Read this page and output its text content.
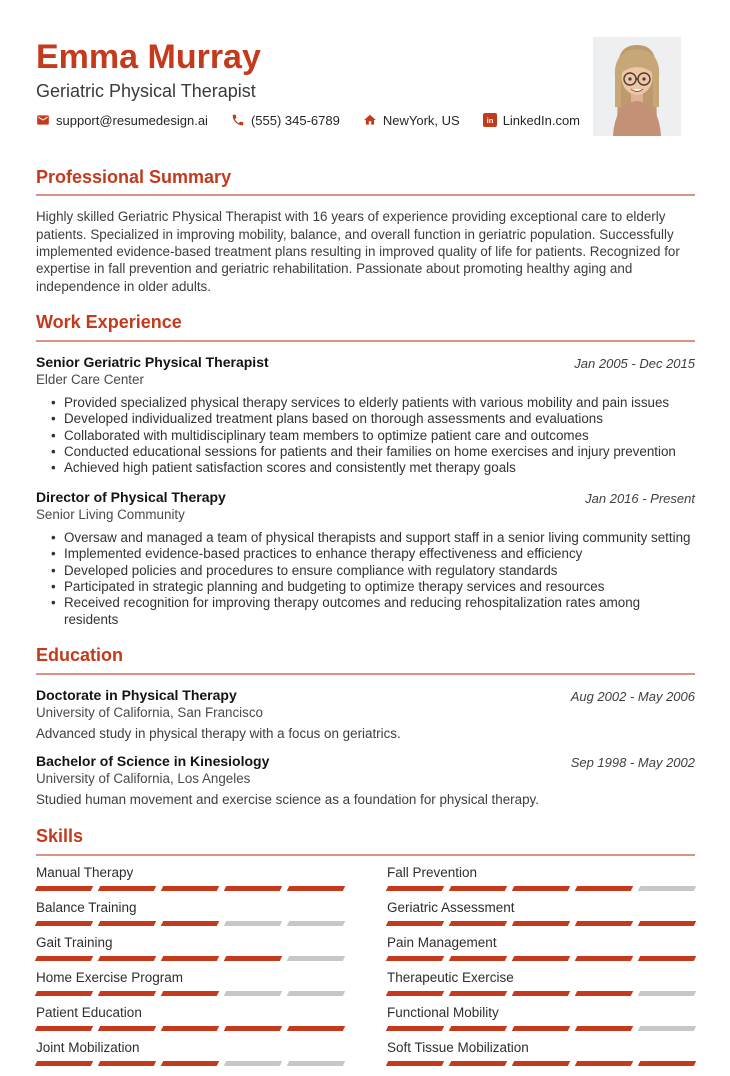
Emma Murray
Geriatric Physical Therapist
support@resumedesign.ai	(555) 345-6789	NewYork, US in LinkedIn.com
Professional Summary

Highly skilled Geriatric Physical Therapist with 16 years of experience providing exceptional care to elderly patients. Specialized in improving mobility, balance, and overall function in geriatric population. Successfully implemented evidence-based treatment plans resulting in improved quality of life for patients. Recognized for expertise in fall prevention and geriatric rehabilitation. Passionate about promoting healthy aging and independence in older adults.

Work Experience
Senior Geriatric Physical Therapist
Elder Care Center
Jan 2005 - Dec 2015
• Provided specialized physical therapy services to elderly patients with various mobility and pain issues
• Developed individualized treatment plans based on thorough assessments and evaluations
• Collaborated with multidisciplinary team members to optimize patient care and outcomes
• Conducted educational sessions for patients and their families on home exercises and injury prevention
• Achieved high patient satisfaction scores and consistently met therapy goals
Director of Physical Therapy
Senior Living Community
Jan 2016 - Present
• Oversaw and managed a team of physical therapists and support staff in a senior living community setting
• Implemented evidence-based practices to enhance therapy effectiveness and efficiency
• Developed policies and procedures to ensure compliance with regulatory standards
• Participated in strategic planning and budgeting to optimize therapy services and resources
• Received recognition for improving therapy outcomes and reducing rehospitalization rates among residents
Education
Doctorate in Physical Therapy
University of California, San Francisco
Aug 2002 - May 2006
Advanced study in physical therapy with a focus on geriatrics.
Bachelor of Science in Kinesiology
University of California, Los Angeles
Sep 1998 - May 2002
Studied human movement and exercise science as a foundation for physical therapy.
Skills
Manual Therapy
Balance Training
Gait Training
Home Exercise Program
Patient Education
Joint Mobilization
Fall Prevention
Geriatric Assessment
Pain Management
Therapeutic Exercise
Functional Mobility
Soft Tissue Mobilization
